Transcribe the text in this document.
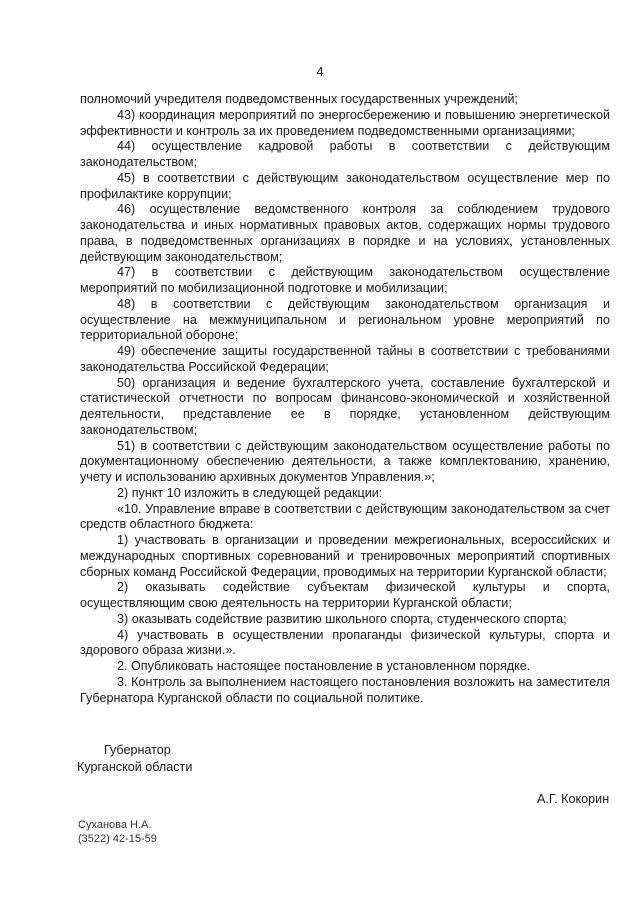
4

полномочий учредителя подведомственных государственных учреждений;

43) координация мероприятий по энергосбережению и повышению энергетической эффективности и контроль за их проведением подведомственными организациями;

44) осуществление кадровой работы в соответствии с действующим законодательством;

45) в соответствии с действующим законодательством осуществление мер по профилактике коррупции;

46) осуществление ведомственного контроля за соблюдением трудового законодательства и иных нормативных правовых актов, содержащих нормы трудового права, в подведомственных организациях в порядке и на условиях, установленных действующим законодательством;

47) в соответствии с действующим законодательством осуществление мероприятий по мобилизационной подготовке и мобилизации;

48) в соответствии с действующим законодательством организация и осуществление на межмуниципальном и региональном уровне мероприятий по территориальной обороне;

49) обеспечение защиты государственной тайны в соответствии с требованиями законодательства Российской Федерации;

50) организация и ведение бухгалтерского учета, составление бухгалтерской и статистической отчетности по вопросам финансово-экономической и хозяйственной деятельности, представление ее в порядке, установленном действующим законодательством;

51) в соответствии с действующим законодательством осуществление работы по документационному обеспечению деятельности, а также комплектованию, хранению, учету и использованию архивных документов Управления.»;

2) пункт 10 изложить в следующей редакции:

«10. Управление вправе в соответствии с действующим законодательством за счет средств областного бюджета:

1) участвовать в организации и проведении межрегиональных, всероссийских и международных спортивных соревнований и тренировочных мероприятий спортивных сборных команд Российской Федерации, проводимых на территории Курганской области;

2) оказывать содействие субъектам физической культуры и спорта, осуществляющим свою деятельность на территории Курганской области;

3) оказывать содействие развитию школьного спорта, студенческого спорта;

4) участвовать в осуществлении пропаганды физической культуры, спорта и здорового образа жизни.».

2. Опубликовать настоящее постановление в установленном порядке.

3. Контроль за выполнением настоящего постановления возложить на заместителя Губернатора Курганской области по социальной политике.

Губернатор
Курганской области
А.Г. Кокорин
Суханова Н.А.
(3522) 42-15-59
